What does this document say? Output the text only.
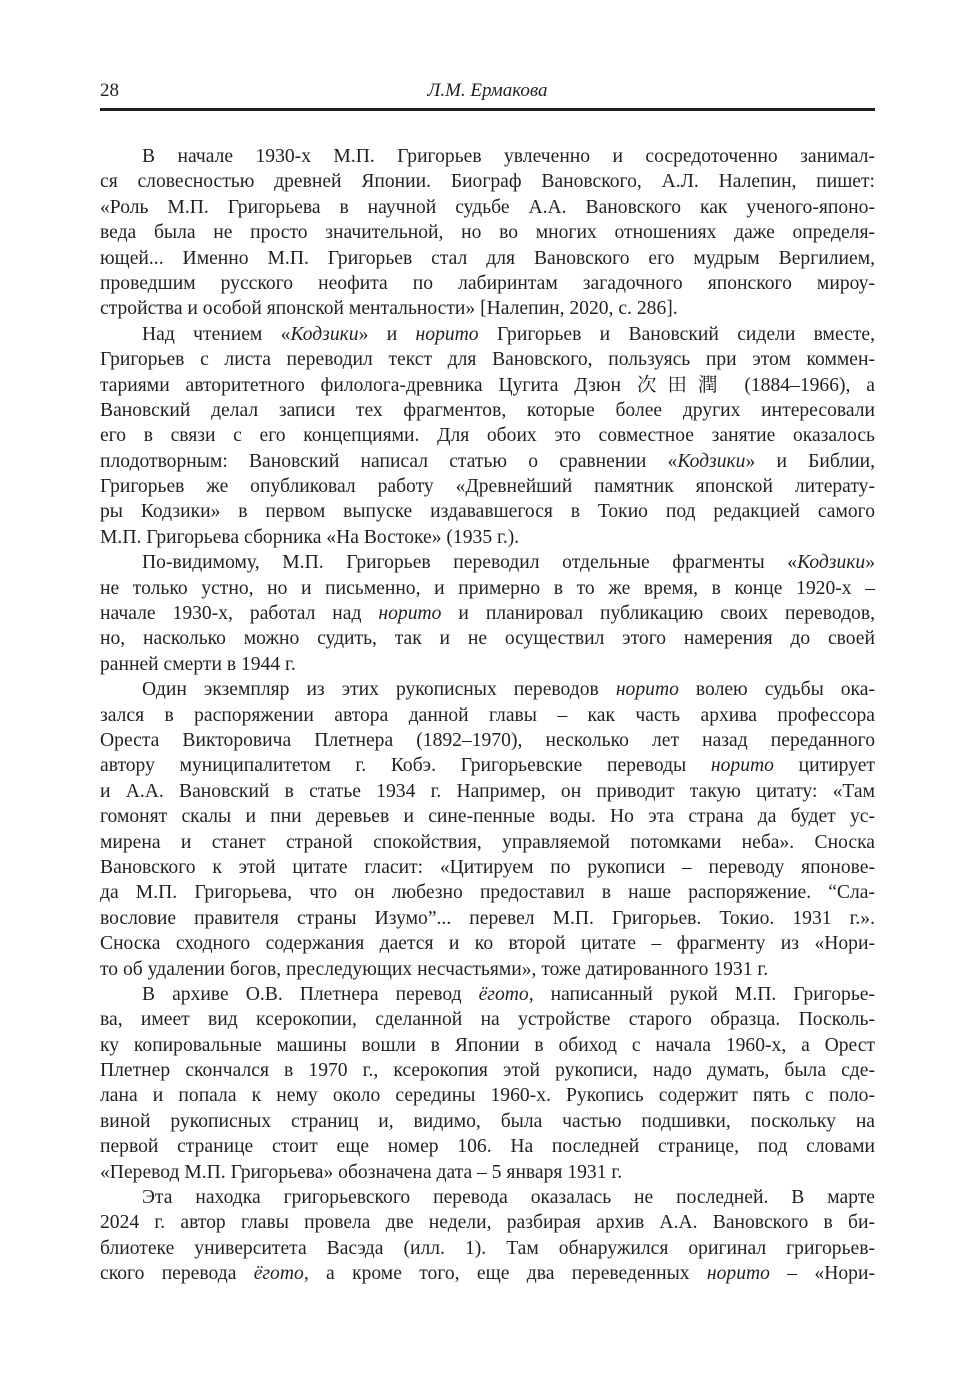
28	Л.М. Ермакова
В начале 1930-х М.П. Григорьев увлеченно и сосредоточенно занимал-
ся словесностью древней Японии. Биограф Вановского, А.Л. Налепин, пишет:
«Роль М.П. Григорьева в научной судьбе А.А. Вановского как ученого-японо-
веда была не просто значительной, но во многих отношениях даже определя-
ющей... Именно М.П. Григорьев стал для Вановского его мудрым Вергилием,
проведшим русского неофита по лабиринтам загадочного японского мироу-
стройства и особой японской ментальности» [Налепин, 2020, с. 286].
Над чтением «Кодзики» и норито Григорьев и Вановский сидели вместе,
Григорьев с листа переводил текст для Вановского, пользуясь при этом коммен-
тариями авторитетного филолога-древника Цугита Дзюн 次田潤 (1884–1966), а
Вановский делал записи тех фрагментов, которые более других интересовали
его в связи с его концепциями. Для обоих это совместное занятие оказалось
плодотворным: Вановский написал статью о сравнении «Кодзики» и Библии,
Григорьев же опубликовал работу «Древнейший памятник японской литерату-
ры Кодзики» в первом выпуске издававшегося в Токио под редакцией самого
М.П. Григорьева сборника «На Востоке» (1935 г.).
По-видимому, М.П. Григорьев переводил отдельные фрагменты «Кодзики»
не только устно, но и письменно, и примерно в то же время, в конце 1920-х –
начале 1930-х, работал над норито и планировал публикацию своих переводов,
но, насколько можно судить, так и не осуществил этого намерения до своей
ранней смерти в 1944 г.
Один экземпляр из этих рукописных переводов норито волею судьбы ока-
зался в распоряжении автора данной главы – как часть архива профессора
Ореста Викторовича Плетнера (1892–1970), несколько лет назад переданного
автору муниципалитетом г. Кобэ. Григорьевские переводы норито цитирует
и А.А. Вановский в статье 1934 г. Например, он приводит такую цитату: «Там
гомонят скалы и пни деревьев и сине-пенные воды. Но эта страна да будет ус-
мирена и станет страной спокойствия, управляемой потомками неба». Сноска
Вановского к этой цитате гласит: «Цитируем по рукописи – переводу японове-
да М.П. Григорьева, что он любезно предоставил в наше распоряжение. “Сла-
вословие правителя страны Изумо”... перевел М.П. Григорьев. Токио. 1931 г.».
Сноска сходного содержания дается и ко второй цитате – фрагменту из «Нори-
то об удалении богов, преследующих несчастьями», тоже датированного 1931 г.
В архиве О.В. Плетнера перевод ёгото, написанный рукой М.П. Григорье-
ва, имеет вид ксерокопии, сделанной на устройстве старого образца. Посколь-
ку копировальные машины вошли в Японии в обиход с начала 1960-х, а Орест
Плетнер скончался в 1970 г., ксерокопия этой рукописи, надо думать, была сде-
лана и попала к нему около середины 1960-х. Рукопись содержит пять с поло-
виной рукописных страниц и, видимо, была частью подшивки, поскольку на
первой странице стоит еще номер 106. На последней странице, под словами
«Перевод М.П. Григорьева» обозначена дата – 5 января 1931 г.
Эта находка григорьевского перевода оказалась не последней. В марте
2024 г. автор главы провела две недели, разбирая архив А.А. Вановского в би-
блиотеке университета Васэда (илл. 1). Там обнаружился оригинал григорьев-
ского перевода ёгото, а кроме того, еще два переведенных норито – «Нори-
